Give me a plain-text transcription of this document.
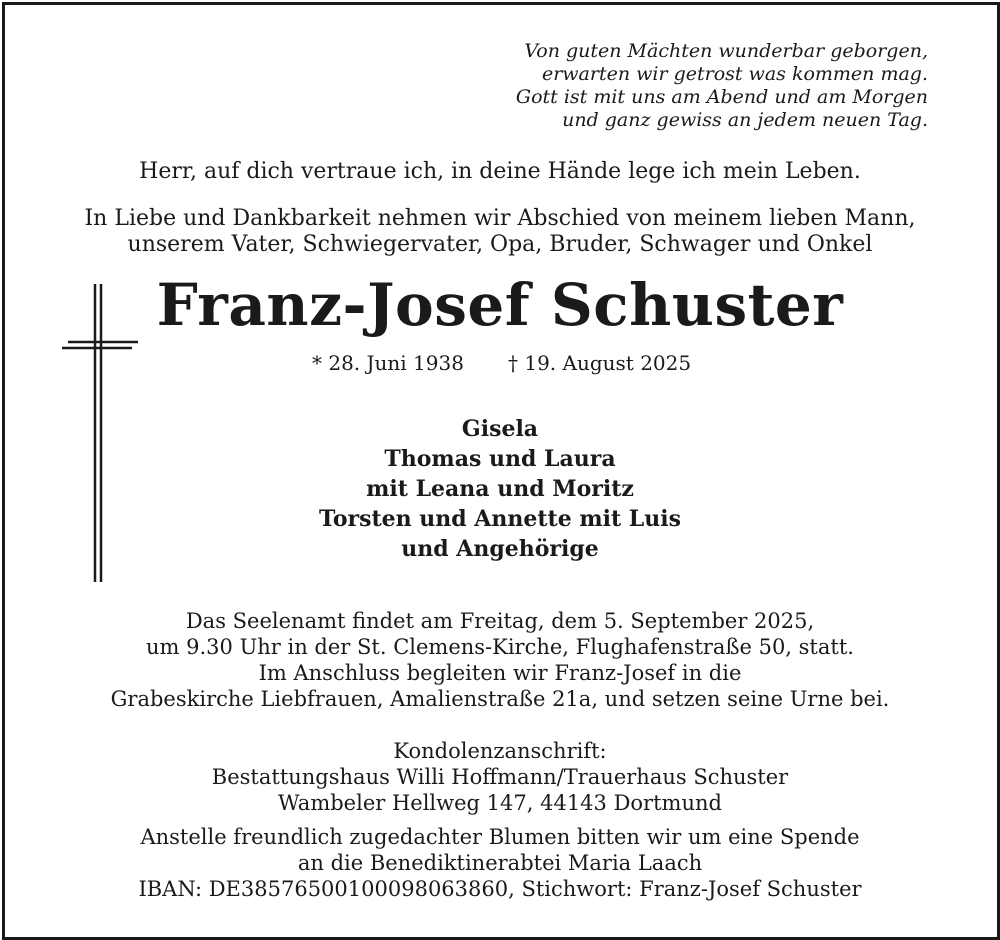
Von guten Mächten wunderbar geborgen,
erwarten wir getrost was kommen mag.
Gott ist mit uns am Abend und am Morgen
und ganz gewiss an jedem neuen Tag.
Herr, auf dich vertraue ich, in deine Hände lege ich mein Leben.
In Liebe und Dankbarkeit nehmen wir Abschied von meinem lieben Mann,
unserem Vater, Schwiegervater, Opa, Bruder, Schwager und Onkel
Franz-Josef Schuster
* 28. Juni 1938 † 19. August 2025
Gisela
Thomas und Laura
mit Leana und Moritz
Torsten und Annette mit Luis
und Angehörige
Das Seelenamt findet am Freitag, dem 5. September 2025,
um 9.30 Uhr in der St. Clemens-Kirche, Flughafenstraße 50, statt.
Im Anschluss begleiten wir Franz-Josef in die
Grabeskirche Liebfrauen, Amalienstraße 21a, und setzen seine Urne bei.
Kondolenzanschrift:
Bestattungshaus Willi Hoffmann/Trauerhaus Schuster
Wambeler Hellweg 147, 44143 Dortmund
Anstelle freundlich zugedachter Blumen bitten wir um eine Spende
an die Benediktinerabtei Maria Laach
IBAN: DE38576500100098063860, Stichwort: Franz-Josef Schuster
